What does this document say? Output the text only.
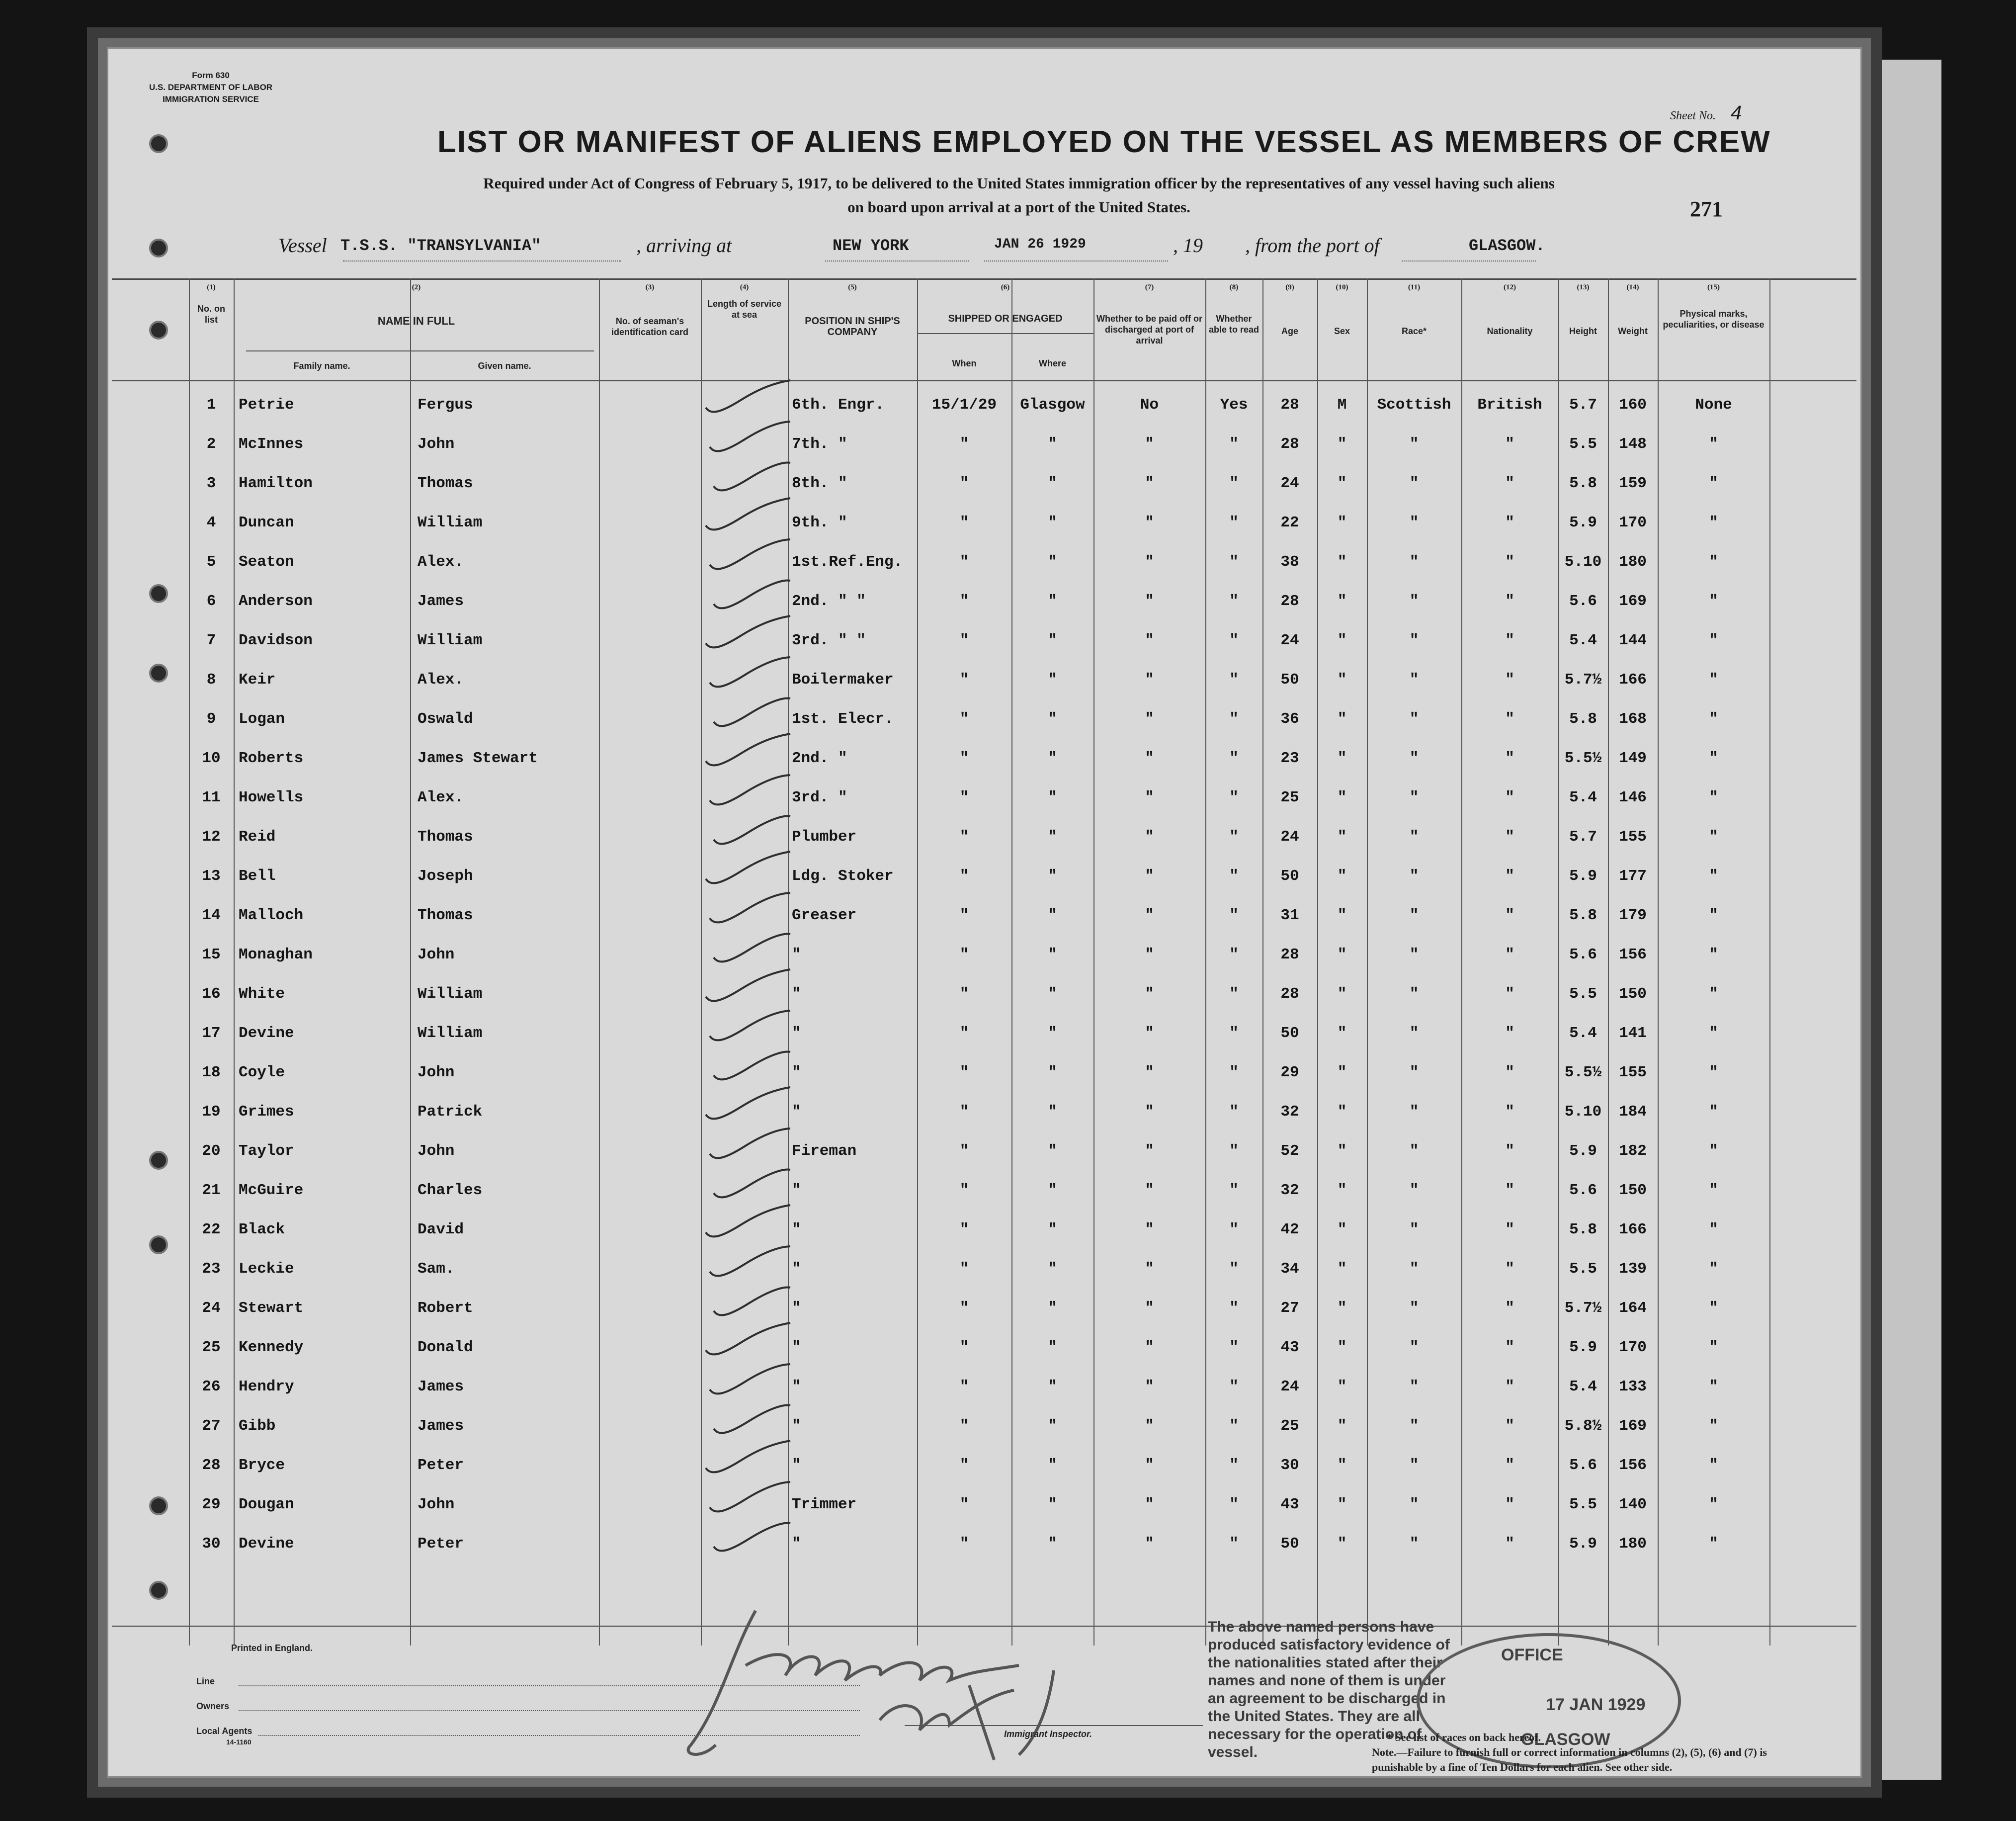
Form 630
U.S. DEPARTMENT OF LABOR
IMMIGRATION SERVICE
Sheet No. 4
271
LIST OR MANIFEST OF ALIENS EMPLOYED ON THE VESSEL AS MEMBERS OF CREW
Required under Act of Congress of February 5, 1917, to be delivered to the United States immigration officer by the representatives of any vessel having such aliens
on board upon arrival at a port of the United States.
Vessel T.S.S. "TRANSYLVANIA"	, arriving at	NEW YORK	JAN 26 1929	, 19 , from the port of	GLASGOW.
(1)	(2)	(3)	(4)	(5)	(6)	(7)	(8)	(9)	(10)	(11)	(12)	(13)	(14)	(15)
No. on list	NAME IN FULL
Family name.	Given name.
No. of seaman's identification card
Length of service at sea
POSITION IN SHIP'S COMPANY
SHIPPED OR ENGAGED
When	Where
Whether to be paid off or discharged at port of arrival
Whether able to read	Age	Sex	Race*	Nationality	Height	Weight
Physical marks, peculiarities, or disease
1	Petrie	Fergus	6th. Engr.	15/1/29	Glasgow	No	Yes	28	M	Scottish	British	5.7	160	None
2	McInnes	John	7th. "	"	"	"	"	28	"	"	"	5.5	148	"
3	Hamilton	Thomas	8th. "	"	"	"	"	24	"	"	"	5.8	159	"
4	Duncan	William	9th. "	"	"	"	"	22	"	"	"	5.9	170	"
5	Seaton	Alex.	1st.Ref.Eng.	"	"	"	"	38	"	"	"	5.10	180	"
6	Anderson	James	2nd. " "	"	"	"	"	28	"	"	"	5.6	169	"
7	Davidson	William	3rd. " "	"	"	"	"	24	"	"	"	5.4	144	"
8	Keir	Alex.	Boilermaker	"	"	"	"	50	"	"	"	5.7½	166	"
9	Logan	Oswald	1st. Elecr.	"	"	"	"	36	"	"	"	5.8	168	"
10	Roberts	James Stewart	2nd. "	"	"	"	"	23	"	"	"	5.5½	149	"
11	Howells	Alex.	3rd. "	"	"	"	"	25	"	"	"	5.4	146	"
12	Reid	Thomas	Plumber	"	"	"	"	24	"	"	"	5.7	155	"
13	Bell	Joseph	Ldg. Stoker	"	"	"	"	50	"	"	"	5.9	177	"
14	Malloch	Thomas	Greaser	"	"	"	"	31	"	"	"	5.8	179	"
15	Monaghan	John	"	"	"	"	"	28	"	"	"	5.6	156	"
16	White	William	"	"	"	"	"	28	"	"	"	5.5	150	"
17	Devine	William	"	"	"	"	"	50	"	"	"	5.4	141	"
18	Coyle	John	"	"	"	"	"	29	"	"	"	5.5½	155	"
19	Grimes	Patrick	"	"	"	"	"	32	"	"	"	5.10	184	"
20	Taylor	John	Fireman	"	"	"	"	52	"	"	"	5.9	182	"
21	McGuire	Charles	"	"	"	"	"	32	"	"	"	5.6	150	"
22	Black	David	"	"	"	"	"	42	"	"	"	5.8	166	"
23	Leckie	Sam.	"	"	"	"	"	34	"	"	"	5.5	139	"
24	Stewart	Robert	"	"	"	"	"	27	"	"	"	5.7½	164	"
25	Kennedy	Donald	"	"	"	"	"	43	"	"	"	5.9	170	"
26	Hendry	James	"	"	"	"	"	24	"	"	"	5.4	133	"
27	Gibb	James	"	"	"	"	"	25	"	"	"	5.8½	169	"
28	Bryce	Peter	"	"	"	"	"	30	"	"	"	5.6	156	"
29	Dougan	John	Trimmer	"	"	"	"	43	"	"	"	5.5	140	"
30	Devine	Peter	"	"	"	"	"	50	"	"	"	5.9	180	"
The above named persons have produced satisfactory evidence of the nationalities stated after their names and none of them is under an agreement to be discharged in the United States. They are all necessary for the operation of vessel.
OFFICE
17 JAN 1929
GLASGOW
Printed in England.
Line
Owners
Local Agents
14-1160
Immigrant Inspector.	* See list of races on back hereof.
Note.—Failure to furnish full or correct information in columns (2), (5), (6) and (7) is punishable by a fine of Ten Dollars for each alien. See other side.
